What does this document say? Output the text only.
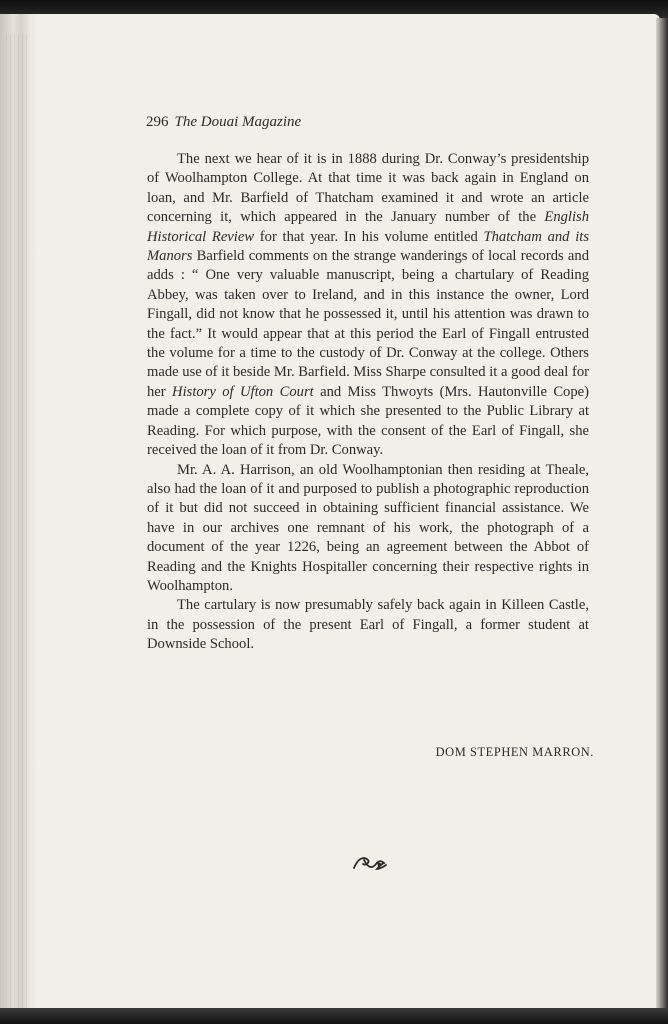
296 The Douai Magazine

The next we hear of it is in 1888 during Dr. Conway’s presidentship of Woolhampton College. At that time it was back again in England on loan, and Mr. Barfield of Thatcham examined it and wrote an article concerning it, which appeared in the January number of the English Historical Review for that year. In his volume entitled Thatcham and its Manors Barfield comments on the strange wanderings of local records and adds : “ One very valuable manuscript, being a chartulary of Reading Abbey, was taken over to Ireland, and in this instance the owner, Lord Fingall, did not know that he possessed it, until his attention was drawn to the fact.” It would appear that at this period the Earl of Fingall entrusted the volume for a time to the custody of Dr. Conway at the college. Others made use of it beside Mr. Barfield. Miss Sharpe consulted it a good deal for her History of Ufton Court and Miss Thwoyts (Mrs. Hautonville Cope) made a complete copy of it which she presented to the Public Library at Reading. For which purpose, with the consent of the Earl of Fingall, she received the loan of it from Dr. Conway.

Mr. A. A. Harrison, an old Woolhamptonian then residing at Theale, also had the loan of it and purposed to publish a photographic reproduction of it but did not succeed in obtaining sufficient financial assistance. We have in our archives one remnant of his work, the photograph of a document of the year 1226, being an agreement between the Abbot of Reading and the Knights Hospitaller concerning their respective rights in Woolhampton.

The cartulary is now presumably safely back again in Killeen Castle, in the possession of the present Earl of Fingall, a former student at Downside School.

DOM STEPHEN MARRON.
